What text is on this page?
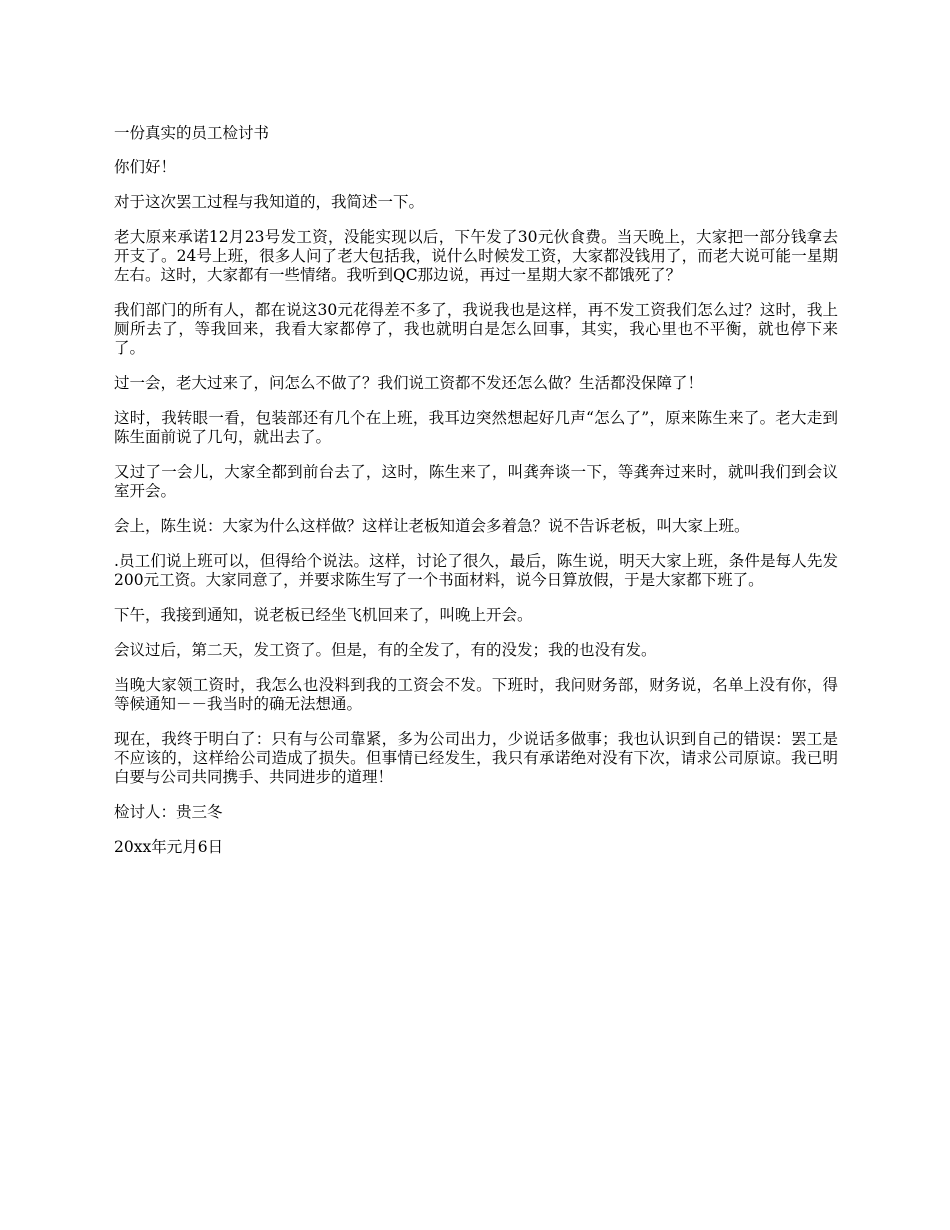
一份真实的员工检讨书

你们好！

对于这次罢工过程与我知道的，我简述一下。

老大原来承诺12月23号发工资，没能实现以后，下午发了30元伙食费。当天晚上，大家把一部分钱拿去开支了。24号上班，很多人问了老大包括我，说什么时候发工资，大家都没钱用了，而老大说可能一星期左右。这时，大家都有一些情绪。我听到QC那边说，再过一星期大家不都饿死了？

我们部门的所有人，都在说这30元花得差不多了，我说我也是这样，再不发工资我们怎么过？这时，我上厕所去了，等我回来，我看大家都停了，我也就明白是怎么回事，其实，我心里也不平衡，就也停下来了。

过一会，老大过来了，问怎么不做了？我们说工资都不发还怎么做？生活都没保障了！

这时，我转眼一看，包装部还有几个在上班，我耳边突然想起好几声“怎么了”，原来陈生来了。老大走到陈生面前说了几句，就出去了。

又过了一会儿，大家全都到前台去了，这时，陈生来了，叫龚奔谈一下，等龚奔过来时，就叫我们到会议室开会。

会上，陈生说：大家为什么这样做？这样让老板知道会多着急？说不告诉老板，叫大家上班。

.员工们说上班可以，但得给个说法。这样，讨论了很久，最后，陈生说，明天大家上班，条件是每人先发200元工资。大家同意了，并要求陈生写了一个书面材料，说今日算放假，于是大家都下班了。

下午，我接到通知，说老板已经坐飞机回来了，叫晚上开会。

会议过后，第二天，发工资了。但是，有的全发了，有的没发；我的也没有发。

当晚大家领工资时，我怎么也没料到我的工资会不发。下班时，我问财务部，财务说，名单上没有你，得等候通知－－我当时的确无法想通。

现在，我终于明白了：只有与公司靠紧，多为公司出力，少说话多做事；我也认识到自己的错误：罢工是不应该的，这样给公司造成了损失。但事情已经发生，我只有承诺绝对没有下次，请求公司原谅。我已明白要与公司共同携手、共同进步的道理！

检讨人：贵三冬

20xx年元月6日
